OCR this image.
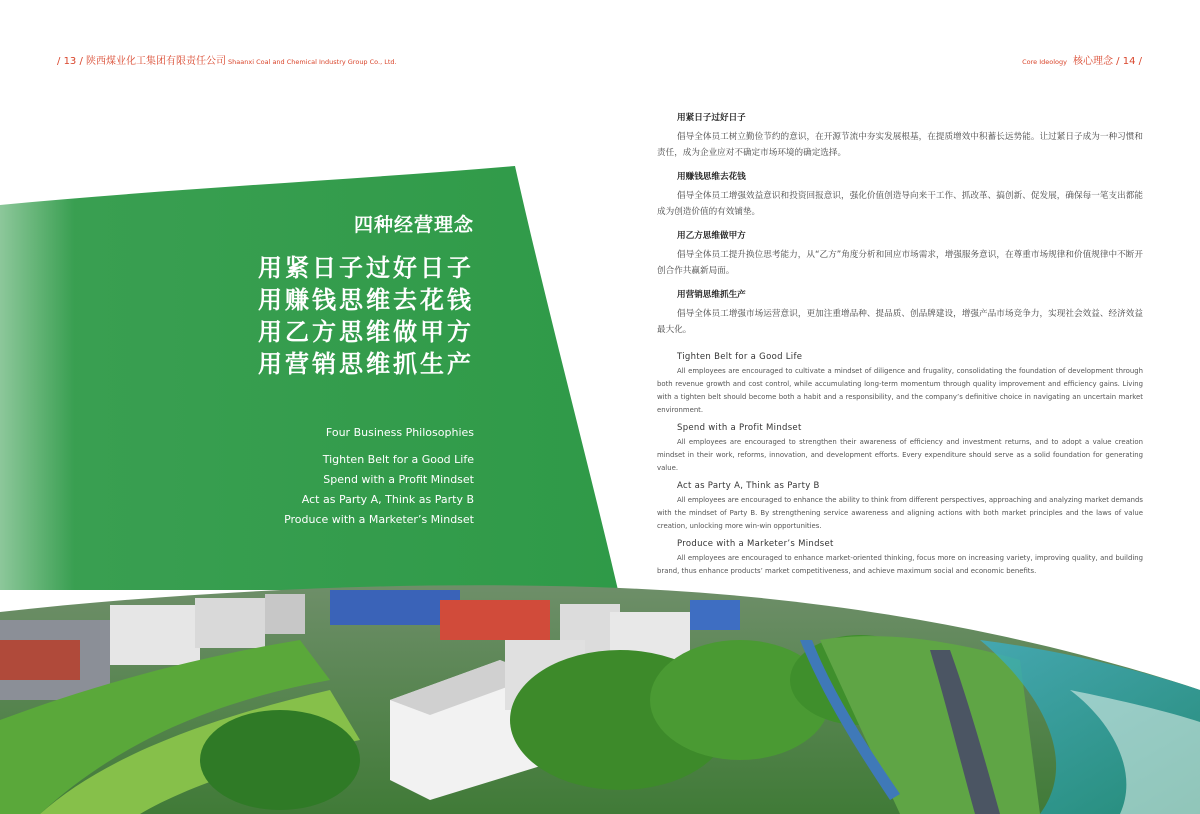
/ 13 / 陕西煤业化工集团有限责任公司 Shaanxi Coal and Chemical Industry Group Co., Ltd.	Core Ideology 核心理念 / 14 /
四种经营理念
用紧日子过好日子
用赚钱思维去花钱
用乙方思维做甲方
用营销思维抓生产
Four Business Philosophies
Tighten Belt for a Good Life
Spend with a Profit Mindset
Act as Party A, Think as Party B
Produce with a Marketer’s Mindset
用紧日子过好日子
倡导全体员工树立勤俭节约的意识，在开源节流中夯实发展根基，在提质增效中积蓄长远势能。让过紧日子成为一种习惯和责任，成为企业应对不确定市场环境的确定选择。
用赚钱思维去花钱
倡导全体员工增强效益意识和投资回报意识，强化价值创造导向来干工作、抓改革、搞创新、促发展，确保每一笔支出都能成为创造价值的有效铺垫。
用乙方思维做甲方
倡导全体员工提升换位思考能力，从“乙方”角度分析和回应市场需求，增强服务意识，在尊重市场规律和价值规律中不断开创合作共赢新局面。
用营销思维抓生产
倡导全体员工增强市场运营意识，更加注重增品种、提品质、创品牌建设，增强产品市场竞争力，实现社会效益、经济效益最大化。
Tighten Belt for a Good Life
All employees are encouraged to cultivate a mindset of diligence and frugality, consolidating the foundation of development through both revenue growth and cost control, while accumulating long-term momentum through quality improvement and efficiency gains. Living with a tighten belt should become both a habit and a responsibility, and the company’s definitive choice in navigating an uncertain market environment.
Spend with a Profit Mindset
All employees are encouraged to strengthen their awareness of efficiency and investment returns, and to adopt a value creation mindset in their work, reforms, innovation, and development efforts. Every expenditure should serve as a solid foundation for generating value.
Act as Party A, Think as Party B
All employees are encouraged to enhance the ability to think from different perspectives, approaching and analyzing market demands with the mindset of Party B. By strengthening service awareness and aligning actions with both market principles and the laws of value creation, unlocking more win-win opportunities.
Produce with a Marketer’s Mindset
All employees are encouraged to enhance market-oriented thinking, focus more on increasing variety, improving quality, and building brand, thus enhance products’ market competitiveness, and achieve maximum social and economic benefits.
